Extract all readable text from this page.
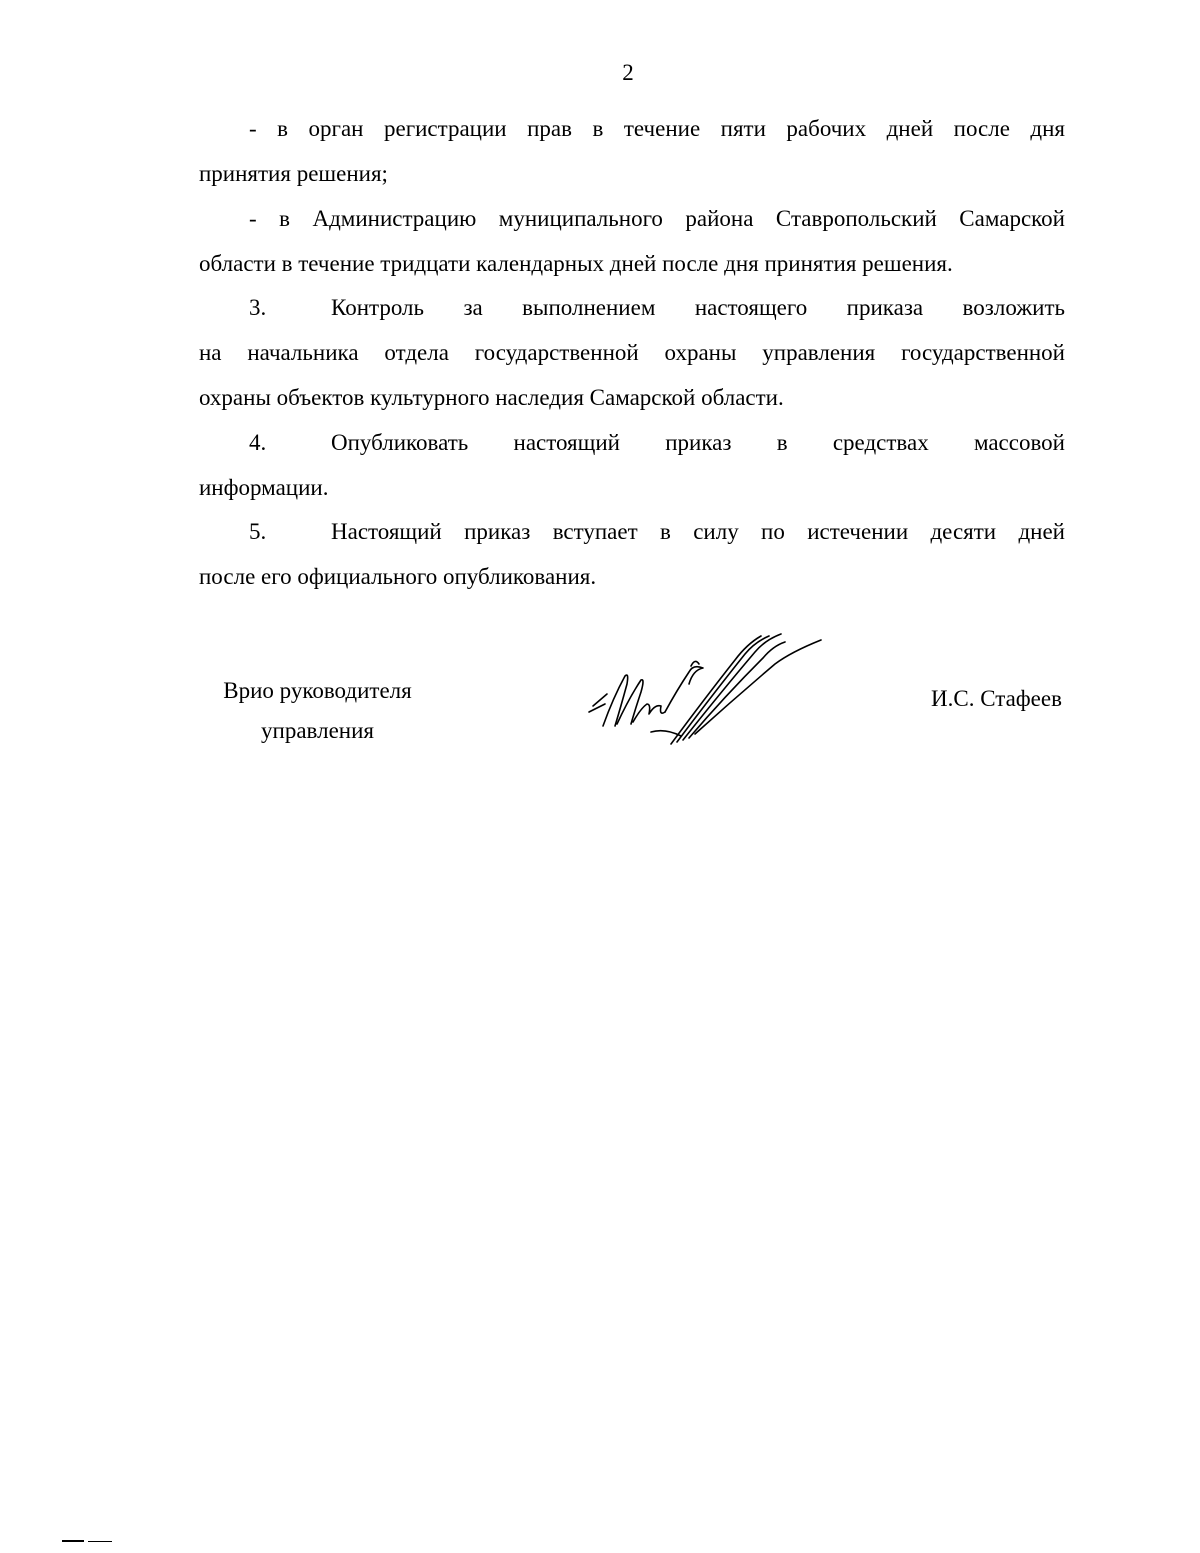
2
- в орган регистрации прав в течение пяти рабочих дней после дня
принятия решения;
- в Администрацию муниципального района Ставропольский Самарской
области в течение тридцати календарных дней после дня принятия решения.
3.	Контроль за выполнением настоящего приказа возложить
на начальника отдела государственной охраны управления государственной
охраны объектов культурного наследия Самарской области.
4.	Опубликовать настоящий приказ в средствах массовой
информации.
5.	Настоящий приказ вступает в силу по истечении десяти дней
после его официального опубликования.
Врио руководителя
управления
И.С. Стафеев
